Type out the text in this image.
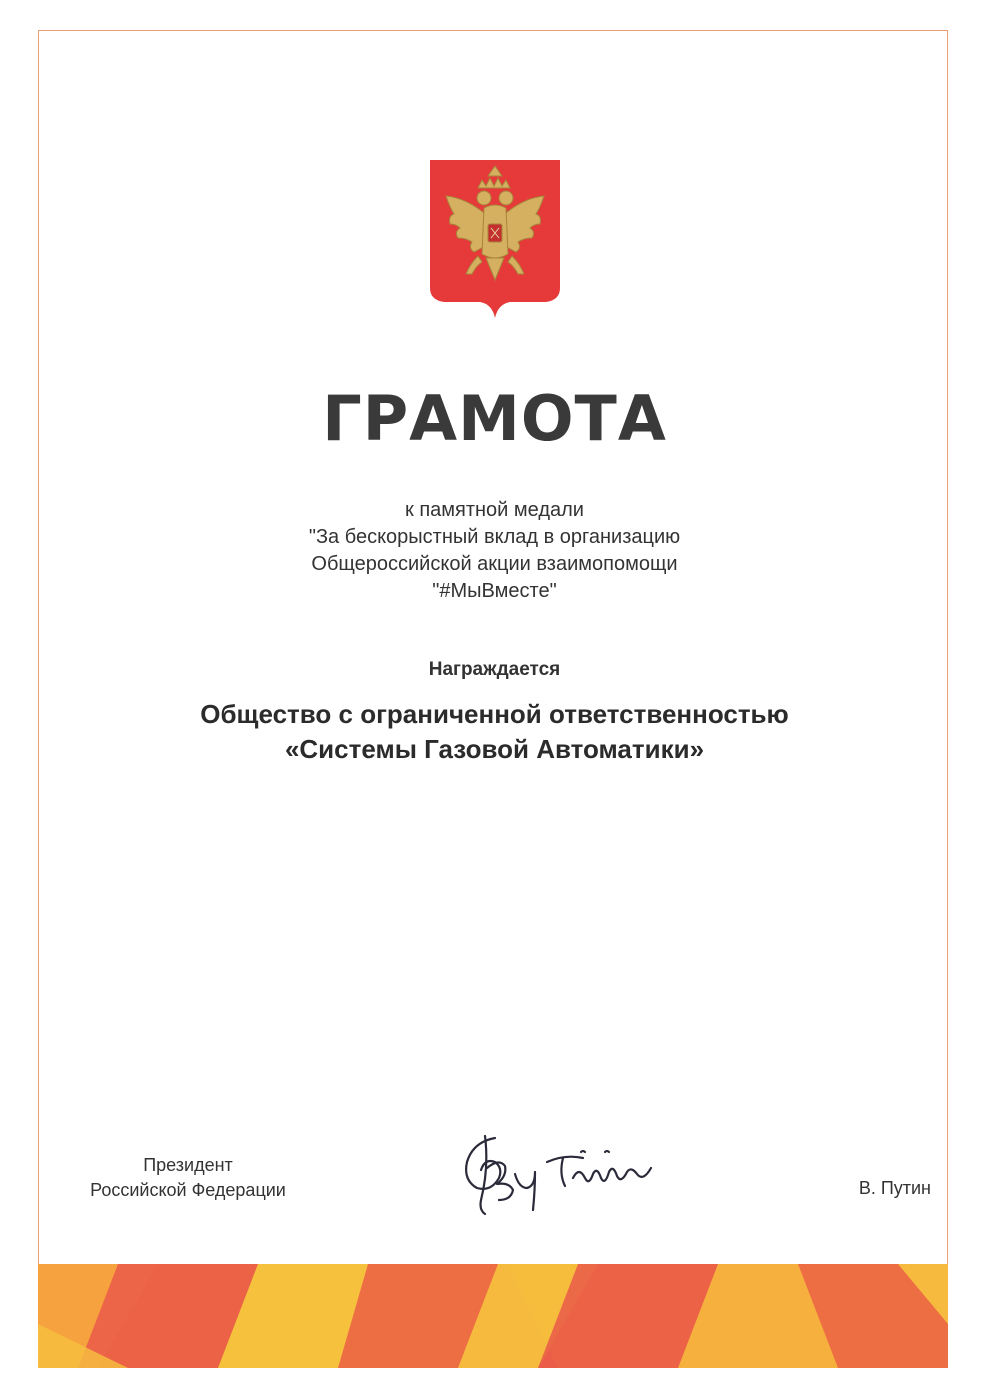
ГРАМОТА
к памятной медали
"За бескорыстный вклад в организацию
Общероссийской акции взаимопомощи
"#МыВместе"
Награждается
Общество с ограниченной ответственностью
«Системы Газовой Автоматики»
Президент
Российской Федерации	В. Путин
